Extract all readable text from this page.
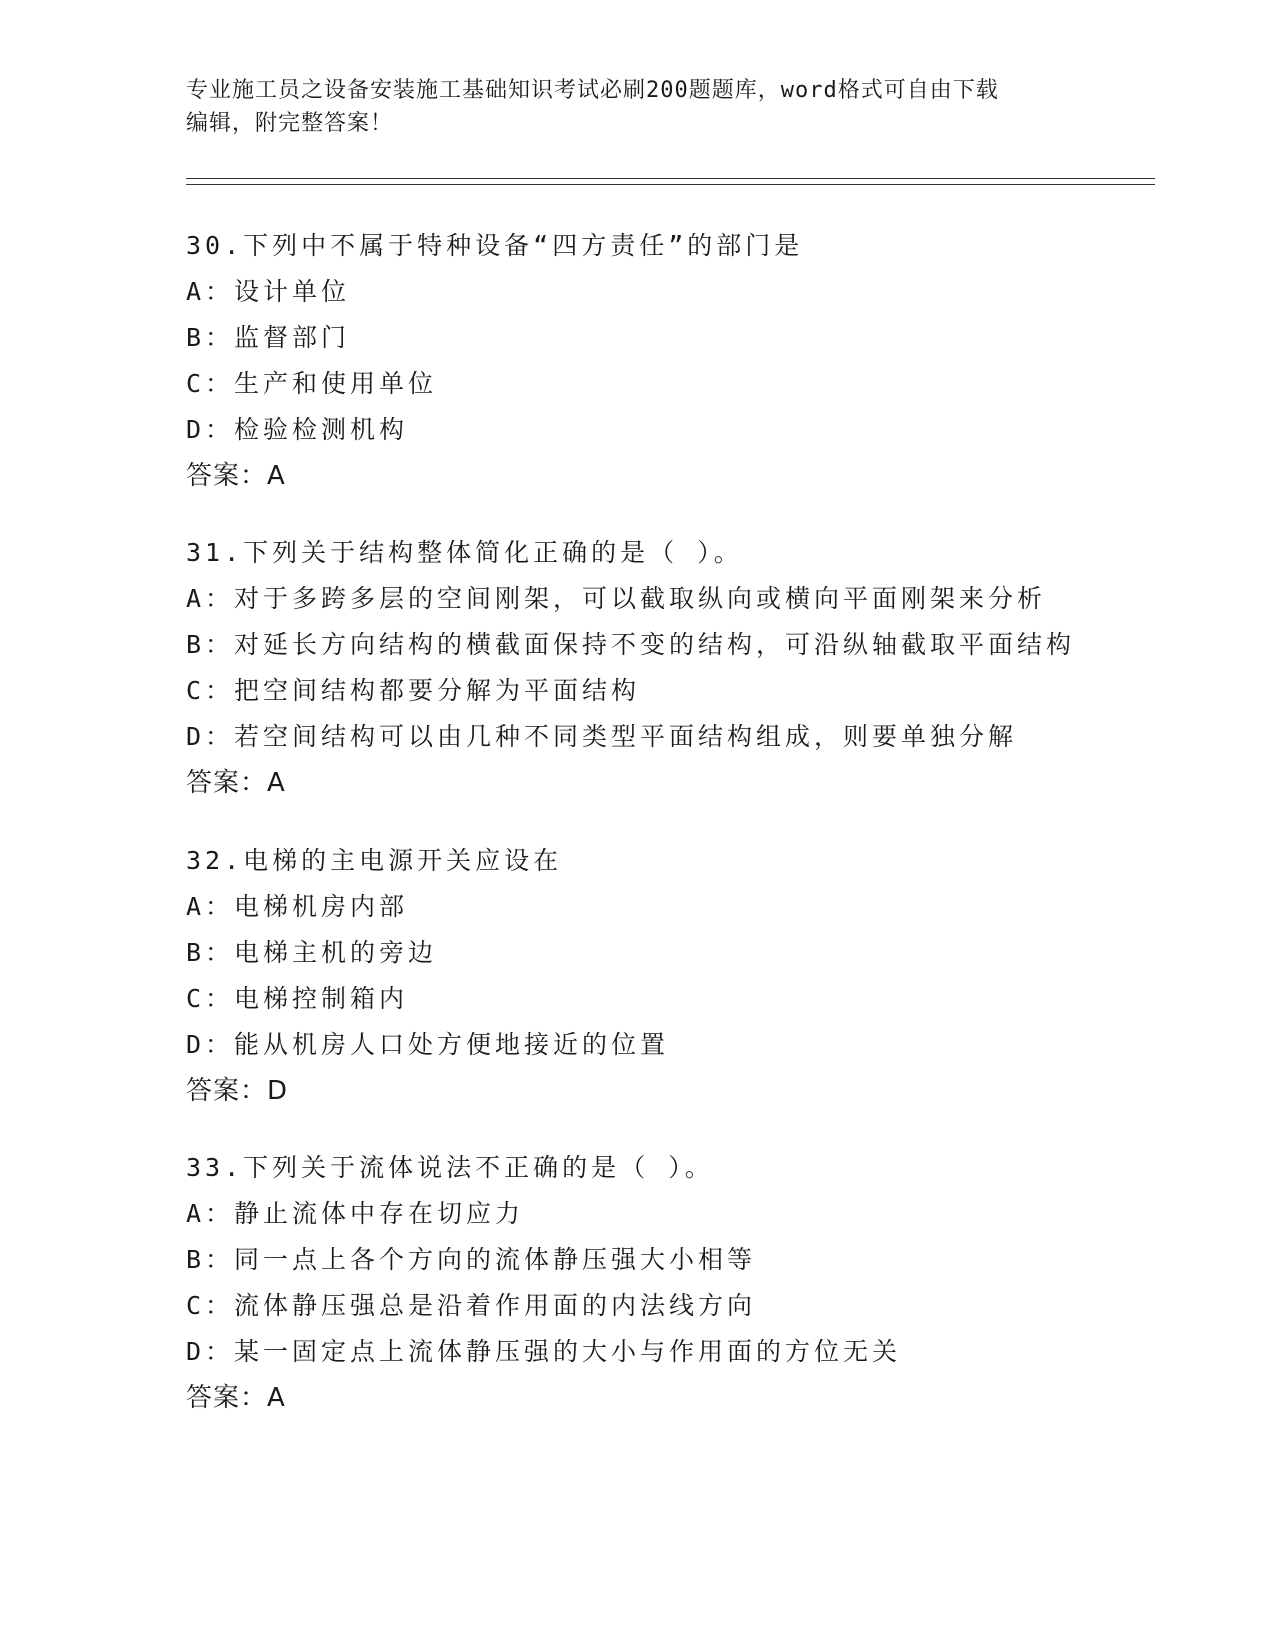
专业施工员之设备安装施工基础知识考试必刷200题题库，word格式可自由下载
编辑，附完整答案！
30.下列中不属于特种设备“四方责任”的部门是
A：设计单位
B：监督部门
C：生产和使用单位
D：检验检测机构
答案：A
31.下列关于结构整体简化正确的是（ ）。
A：对于多跨多层的空间刚架，可以截取纵向或横向平面刚架来分析
B：对延长方向结构的横截面保持不变的结构，可沿纵轴截取平面结构
C：把空间结构都要分解为平面结构
D：若空间结构可以由几种不同类型平面结构组成，则要单独分解
答案：A
32.电梯的主电源开关应设在
A：电梯机房内部
B：电梯主机的旁边
C：电梯控制箱内
D：能从机房人口处方便地接近的位置
答案：D
33.下列关于流体说法不正确的是（ ）。
A：静止流体中存在切应力
B：同一点上各个方向的流体静压强大小相等
C：流体静压强总是沿着作用面的内法线方向
D：某一固定点上流体静压强的大小与作用面的方位无关
答案：A
